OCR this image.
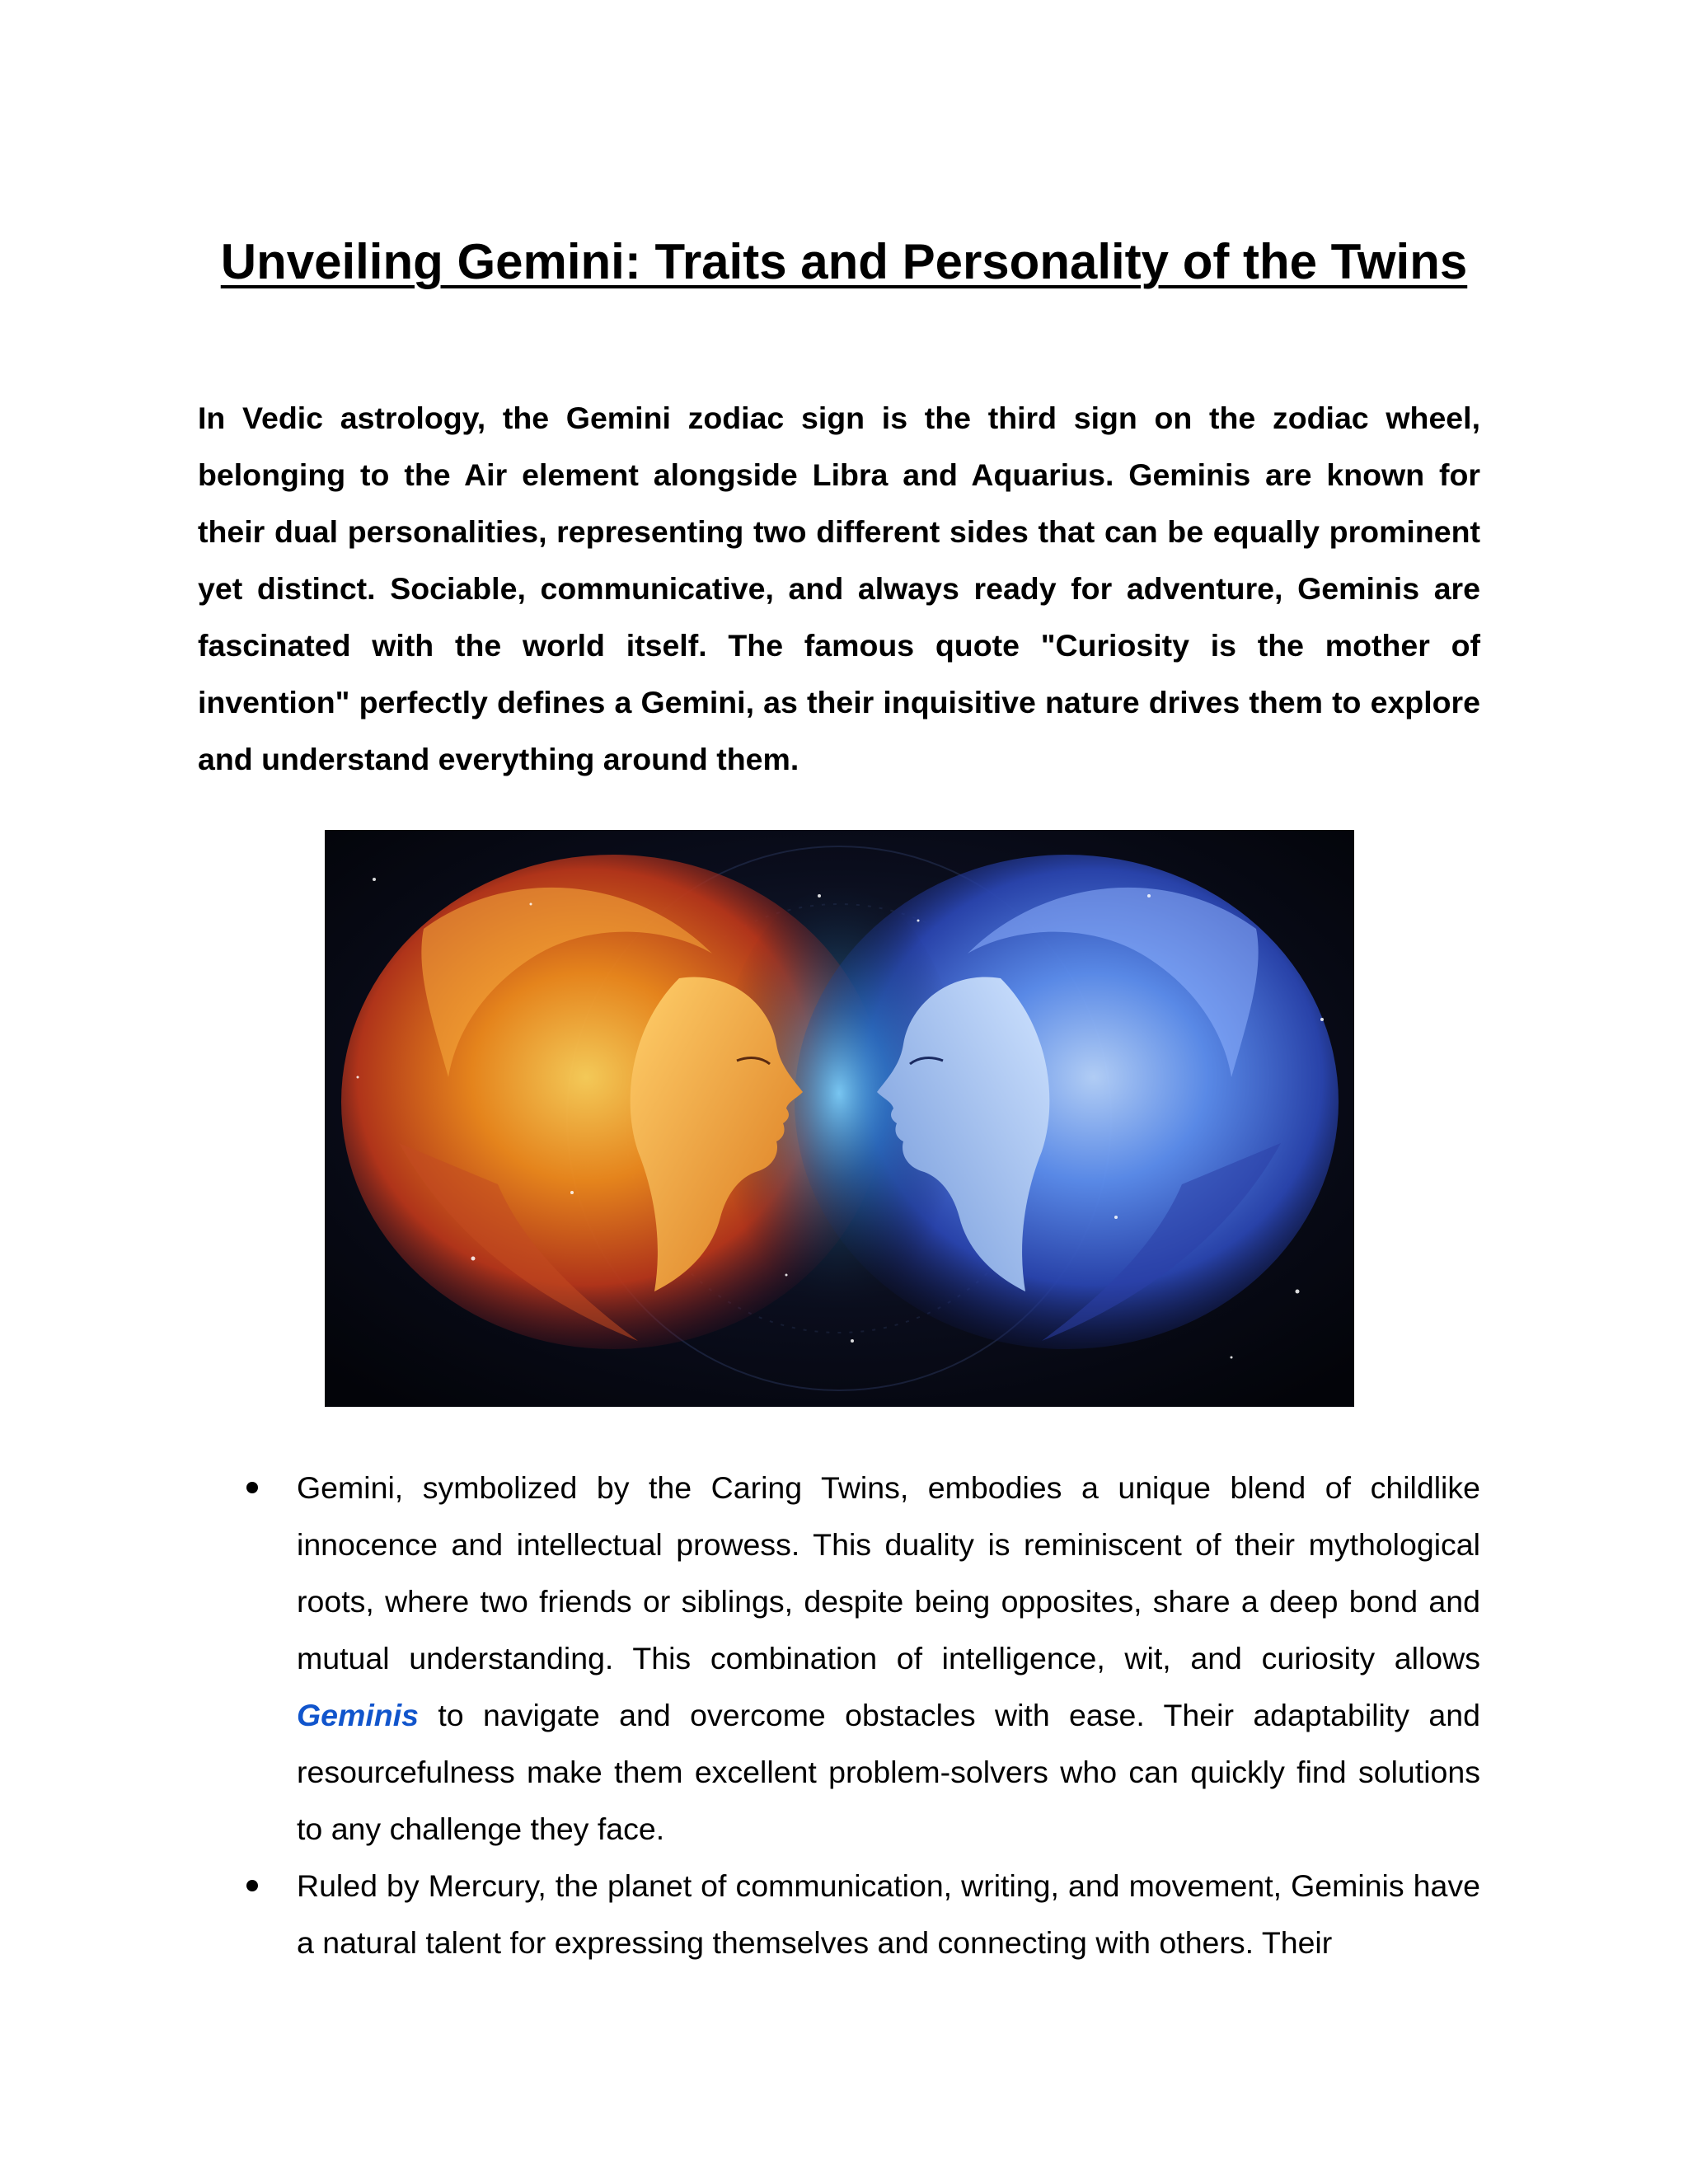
Unveiling Gemini: Traits and Personality of the Twins

In Vedic astrology, the Gemini zodiac sign is the third sign on the zodiac wheel, belonging to the Air element alongside Libra and Aquarius. Geminis are known for their dual personalities, representing two different sides that can be equally prominent yet distinct. Sociable, communicative, and always ready for adventure, Geminis are fascinated with the world itself. The famous quote "Curiosity is the mother of invention" perfectly defines a Gemini, as their inquisitive nature drives them to explore and understand everything around them.

Gemini, symbolized by the Caring Twins, embodies a unique blend of childlike innocence and intellectual prowess. This duality is reminiscent of their mythological roots, where two friends or siblings, despite being opposites, share a deep bond and mutual understanding. This combination of intelligence, wit, and curiosity allows Geminis to navigate and overcome obstacles with ease. Their adaptability and resourcefulness make them excellent problem-solvers who can quickly find solutions to any challenge they face.
Ruled by Mercury, the planet of communication, writing, and movement, Geminis have a natural talent for expressing themselves and connecting with others. Their
